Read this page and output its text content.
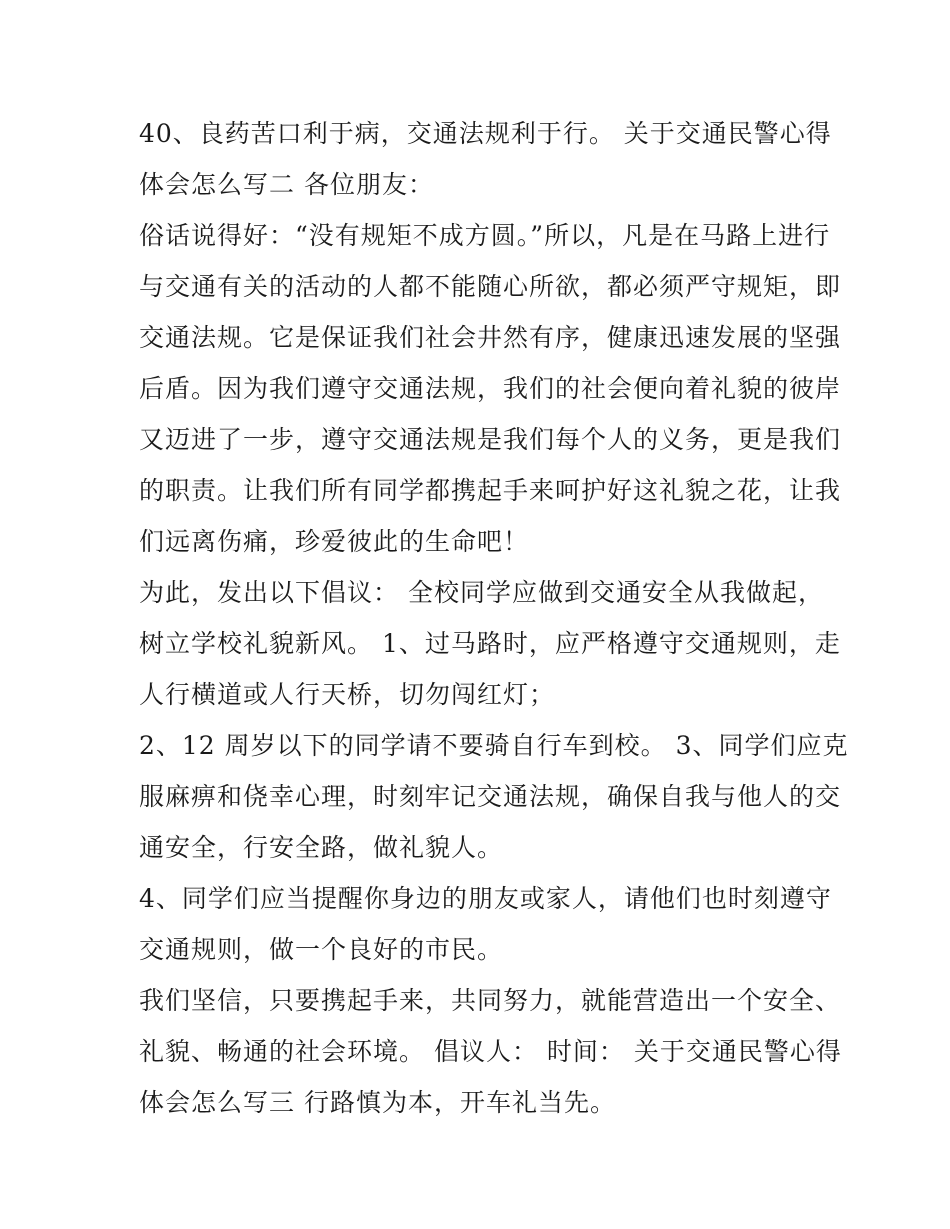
40、良药苦口利于病，交通法规利于行。 关于交通民警心得
体会怎么写二 各位朋友：
俗话说得好：“没有规矩不成方圆。”所以，凡是在马路上进行
与交通有关的活动的人都不能随心所欲，都必须严守规矩，即
交通法规。它是保证我们社会井然有序，健康迅速发展的坚强
后盾。因为我们遵守交通法规，我们的社会便向着礼貌的彼岸
又迈进了一步，遵守交通法规是我们每个人的义务，更是我们
的职责。让我们所有同学都携起手来呵护好这礼貌之花，让我
们远离伤痛，珍爱彼此的生命吧！
为此，发出以下倡议： 全校同学应做到交通安全从我做起，
树立学校礼貌新风。 1、过马路时，应严格遵守交通规则，走
人行横道或人行天桥，切勿闯红灯；
2、12 周岁以下的同学请不要骑自行车到校。 3、同学们应克
服麻痹和侥幸心理，时刻牢记交通法规，确保自我与他人的交
通安全，行安全路，做礼貌人。
4、同学们应当提醒你身边的朋友或家人，请他们也时刻遵守
交通规则，做一个良好的市民。
我们坚信，只要携起手来，共同努力，就能营造出一个安全、
礼貌、畅通的社会环境。 倡议人： 时间： 关于交通民警心得
体会怎么写三 行路慎为本，开车礼当先。
